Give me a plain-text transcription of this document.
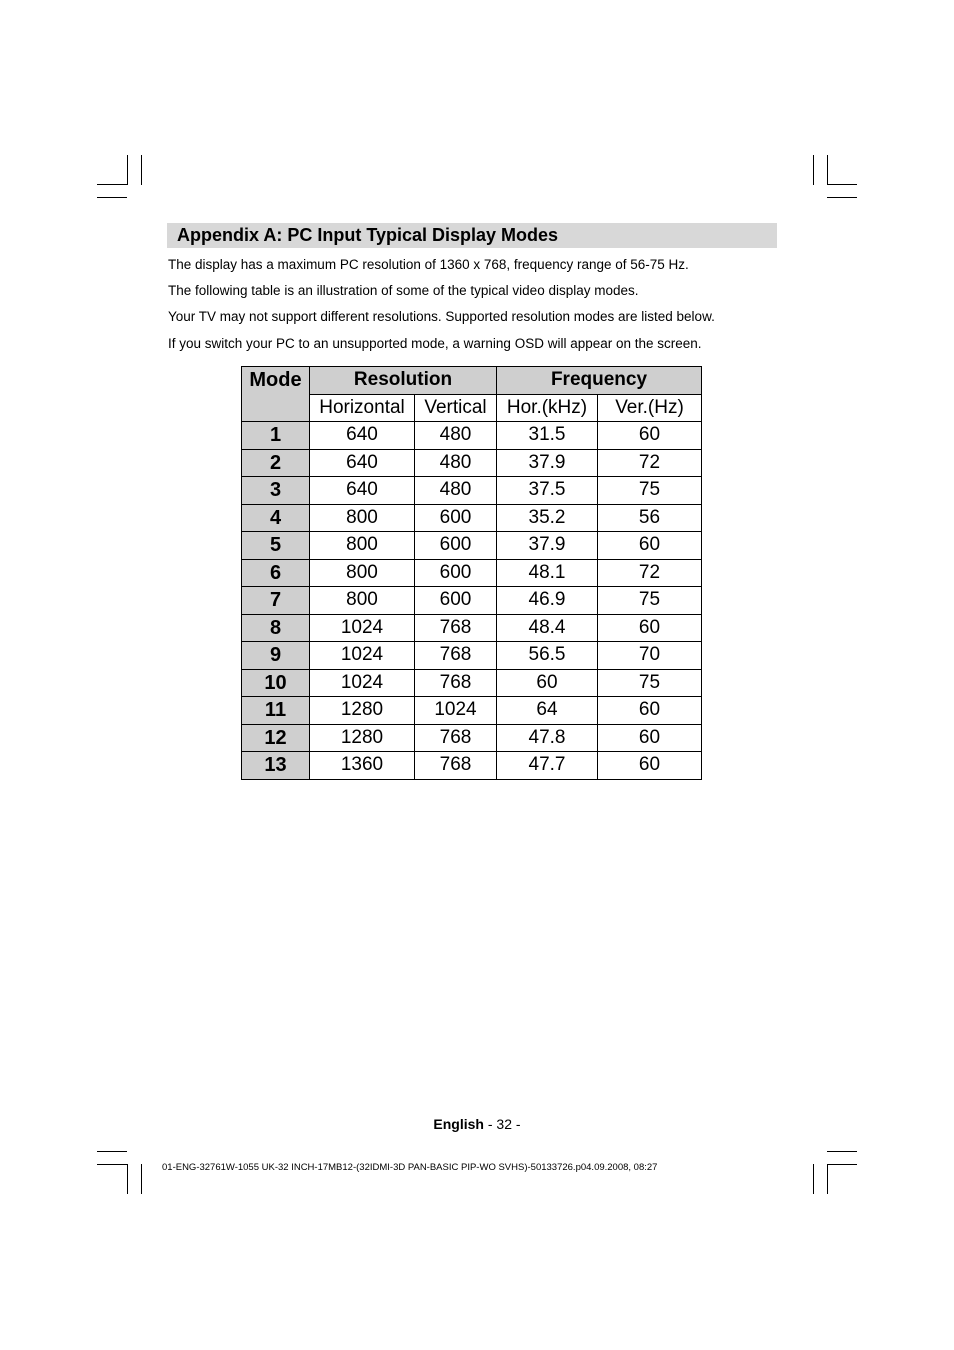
Appendix A: PC Input Typical Display Modes
The display has a maximum PC resolution of 1360 x 768, frequency range of 56-75 Hz.
The following table is an illustration of some of the typical video display modes.
Your TV may not support different resolutions. Supported resolution modes are listed below.
If you switch your PC to an unsupported mode, a warning OSD will appear on the screen.
Mode	Resolution		Frequency	
	Horizontal	Vertical	Hor.(kHz)	Ver.(Hz)
1	640	480	31.5	60
2	640	480	37.9	72
3	640	480	37.5	75
4	800	600	35.2	56
5	800	600	37.9	60
6	800	600	48.1	72
7	800	600	46.9	75
8	1024	768	48.4	60
9	1024	768	56.5	70
10	1024	768	60	75
11	1280	1024	64	60
12	1280	768	47.8	60
13	1360	768	47.7	60
English - 32 -
01-ENG-32761W-1055 UK-32 INCH-17MB12-(32IDMI-3D PAN-BASIC PIP-WO SVHS)-50133726.p04.09.2008, 08:27
